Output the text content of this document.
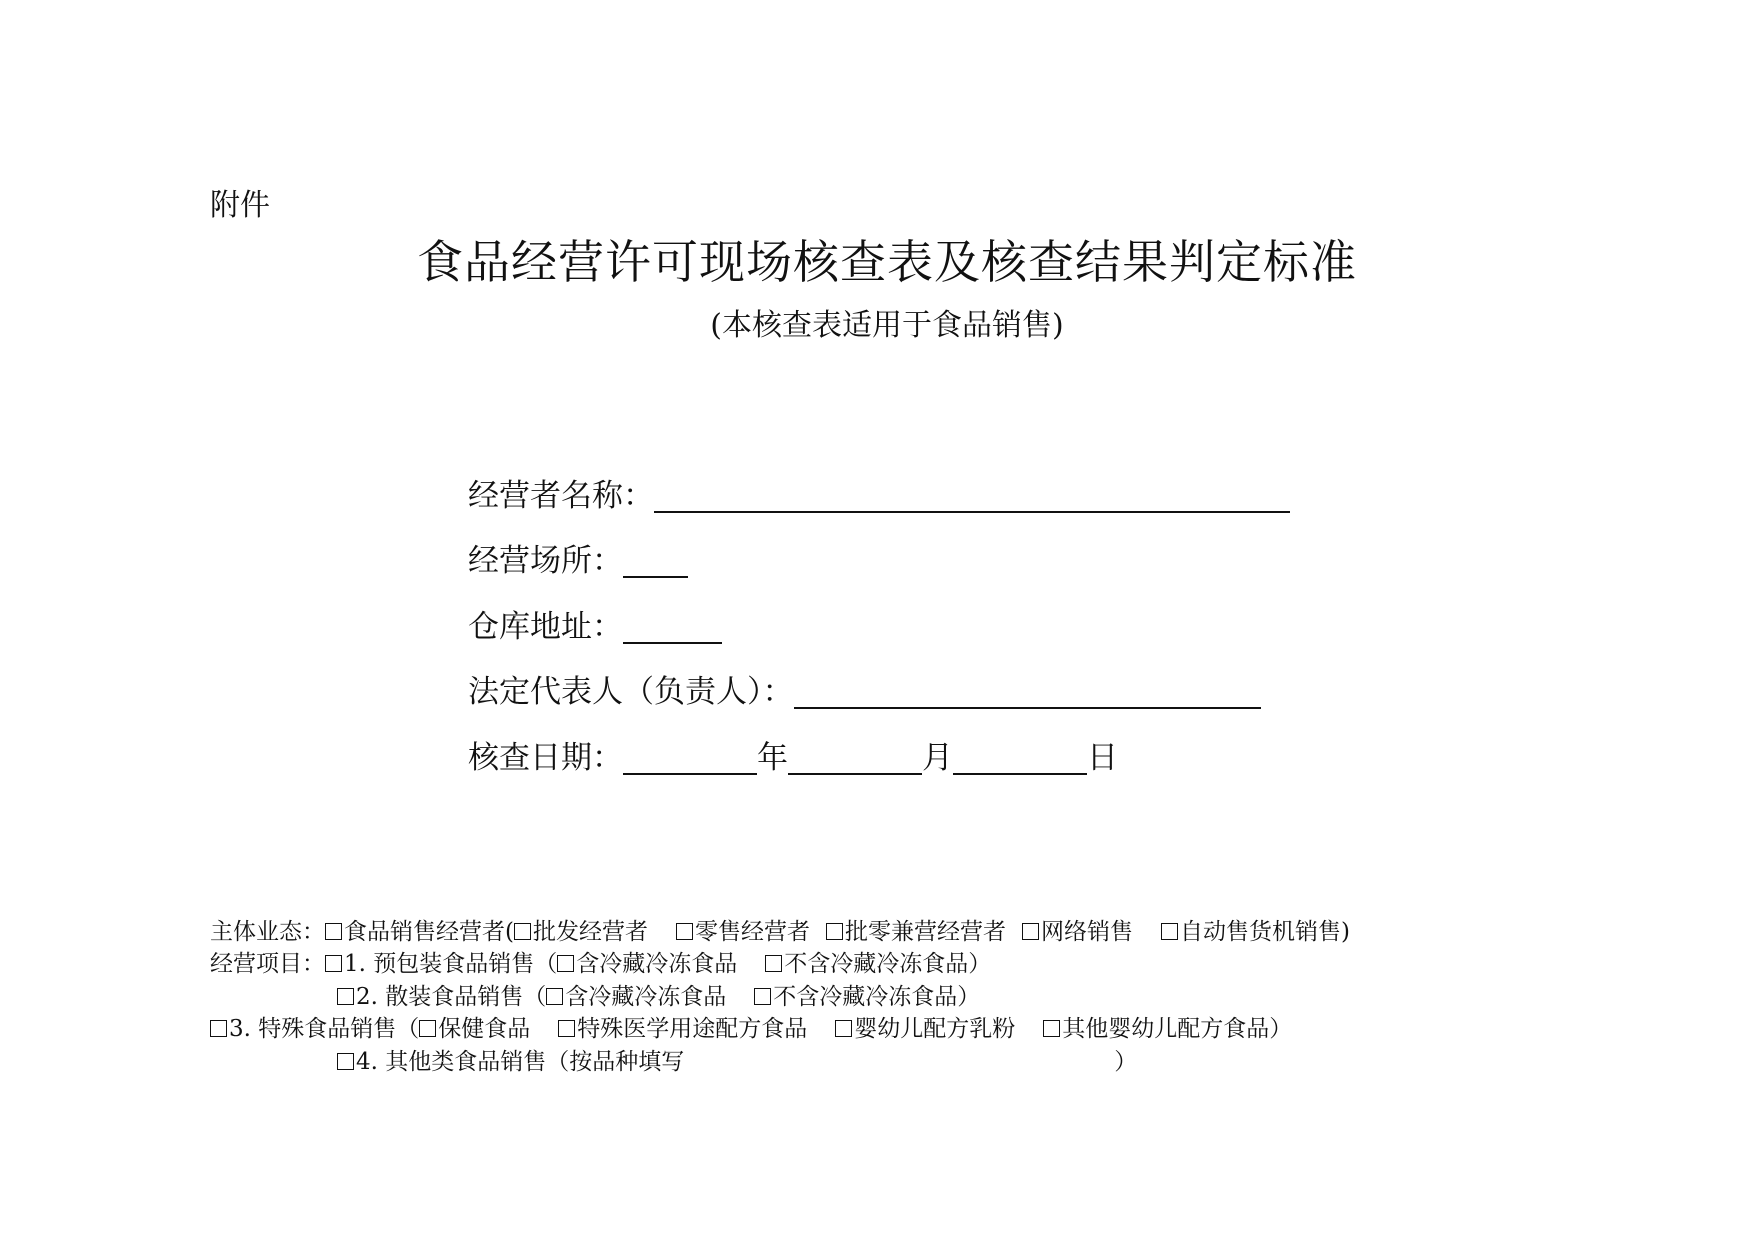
附件
食品经营许可现场核查表及核查结果判定标准
(本核查表适用于食品销售)
经营者名称：
经营场所：
仓库地址：
法定代表人（负责人）：
核查日期：	年	月	日
主体业态： 食品销售经营者( 批发经营者 零售经营者 批零兼营经营者 网络销售 自动售货机销售)
经营项目： 1. 预包装食品销售（ 含冷藏冷冻食品 不含冷藏冷冻食品）
2. 散装食品销售（ 含冷藏冷冻食品 不含冷藏冷冻食品）
3. 特殊食品销售（ 保健食品 特殊医学用途配方食品 婴幼儿配方乳粉 其他婴幼儿配方食品）
4. 其他类食品销售（按品种填写	）
